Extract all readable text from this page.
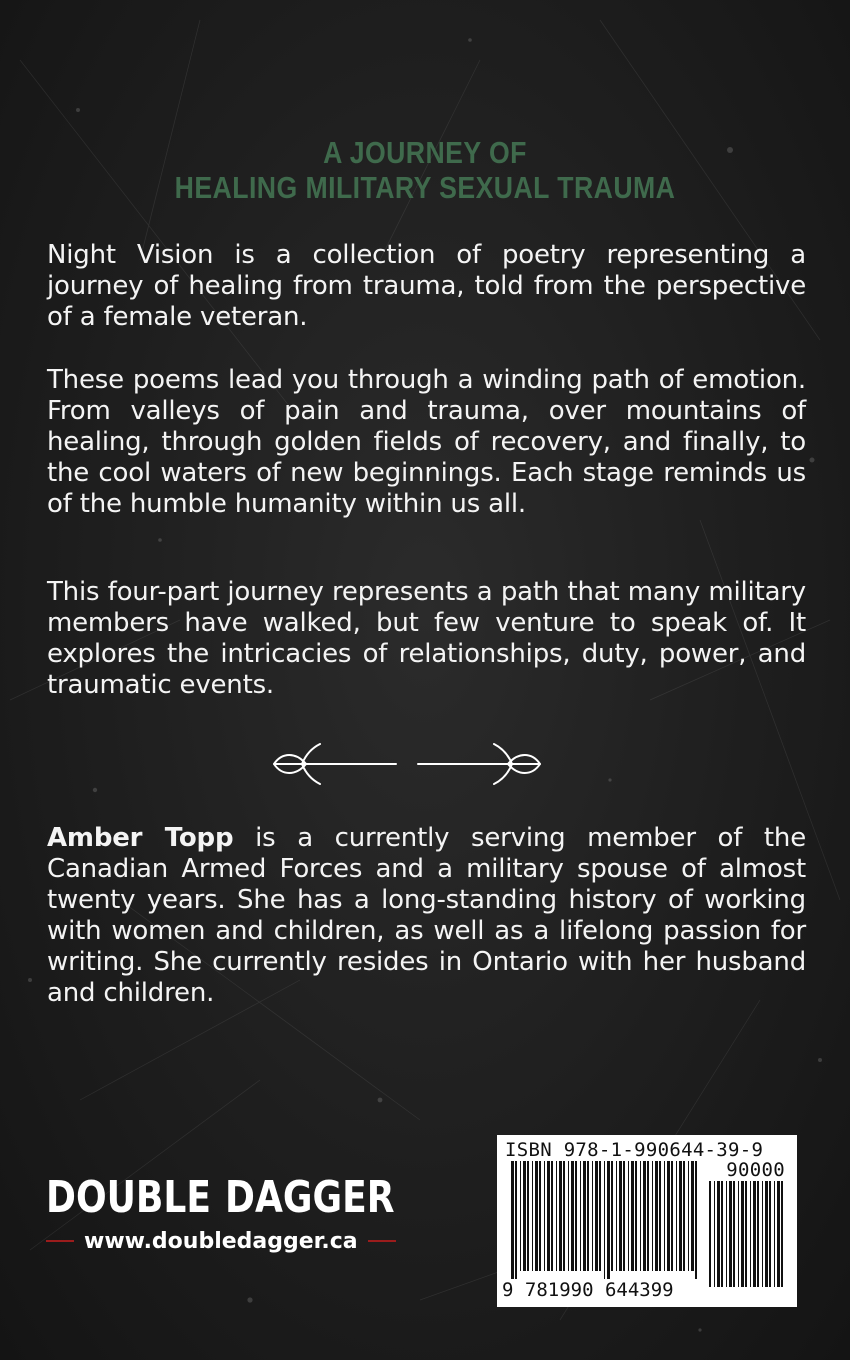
A JOURNEY OF
HEALING MILITARY SEXUAL TRAUMA

Night Vision is a collection of poetry representing a journey of healing from trauma, told from the perspective of a female veteran.

These poems lead you through a winding path of emotion. From valleys of pain and trauma, over mountains of healing, through golden fields of recovery, and finally, to the cool waters of new beginnings. Each stage reminds us of the humble humanity within us all.

This four-part journey represents a path that many military members have walked, but few venture to speak of. It explores the intricacies of relationships, duty, power, and traumatic events.

Amber Topp is a currently serving member of the Canadian Armed Forces and a military spouse of almost twenty years. She has a long-standing history of working with women and children, as well as a lifelong passion for writing. She currently resides in Ontario with her husband and children.

DOUBLE DAGGER
www.doubledagger.ca
ISBN 978-1-990644-39-9
90000
9 781990 644399
